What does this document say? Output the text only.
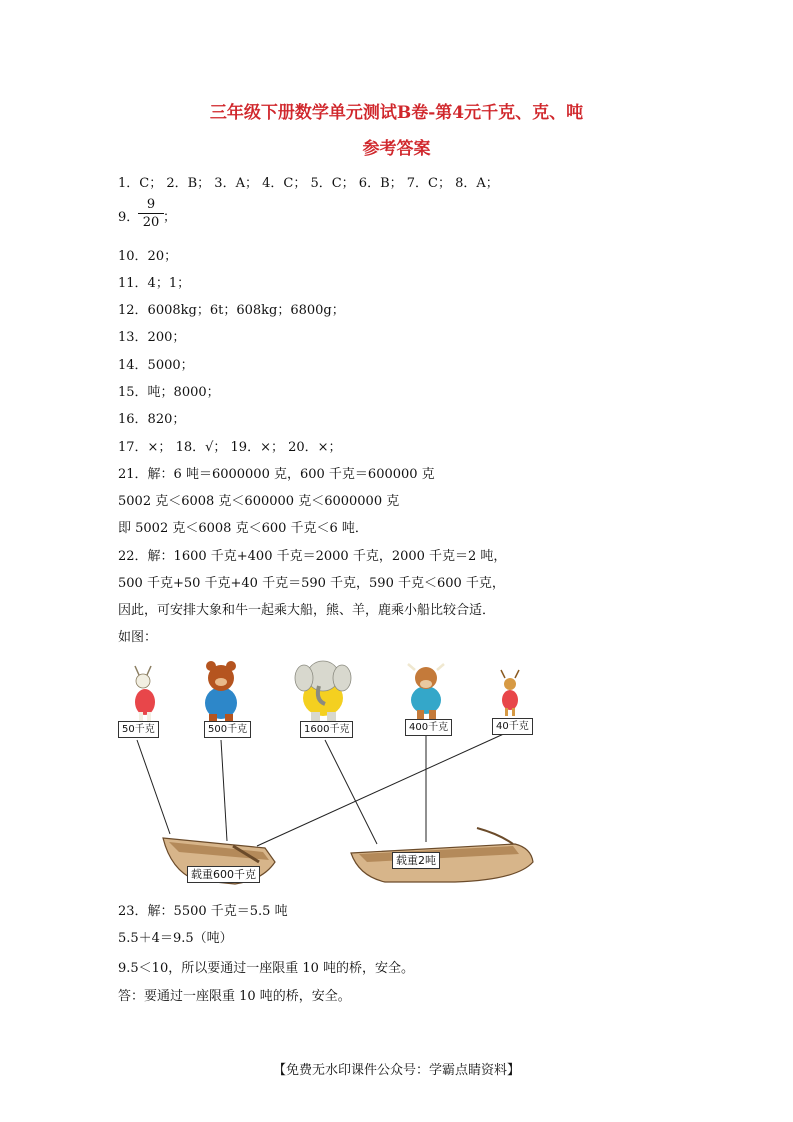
三年级下册数学单元测试B卷-第4元千克、克、吨
参考答案
1．C； 2．B； 3．A； 4．C； 5．C； 6．B； 7．C； 8．A；
9．
9
20 ；
10．20；
11．4；1；
12．6008kg；6t；608kg；6800g；
13．200；
14．5000；
15．吨；8000；
16．820；
17．×； 18．√； 19．×； 20．×；
21．解：6 吨＝6000000 克，600 千克＝600000 克
5002 克＜6008 克＜600000 克＜6000000 克
即 5002 克＜6008 克＜600 千克＜6 吨．
22．解：1600 千克+400 千克＝2000 千克，2000 千克＝2 吨，
500 千克+50 千克+40 千克＝590 千克，590 千克＜600 千克，
因此，可安排大象和牛一起乘大船，熊、羊，鹿乘小船比较合适．
如图：
50千克	500千克	1600千克	400千克	40千克
载重600千克
载重2吨
23．解：5500 千克＝5.5 吨
5.5＋4＝9.5（吨）
9.5＜10，所以要通过一座限重 10 吨的桥，安全。
答：要通过一座限重 10 吨的桥，安全。
【免费无水印课件公众号：学霸点睛资料】
